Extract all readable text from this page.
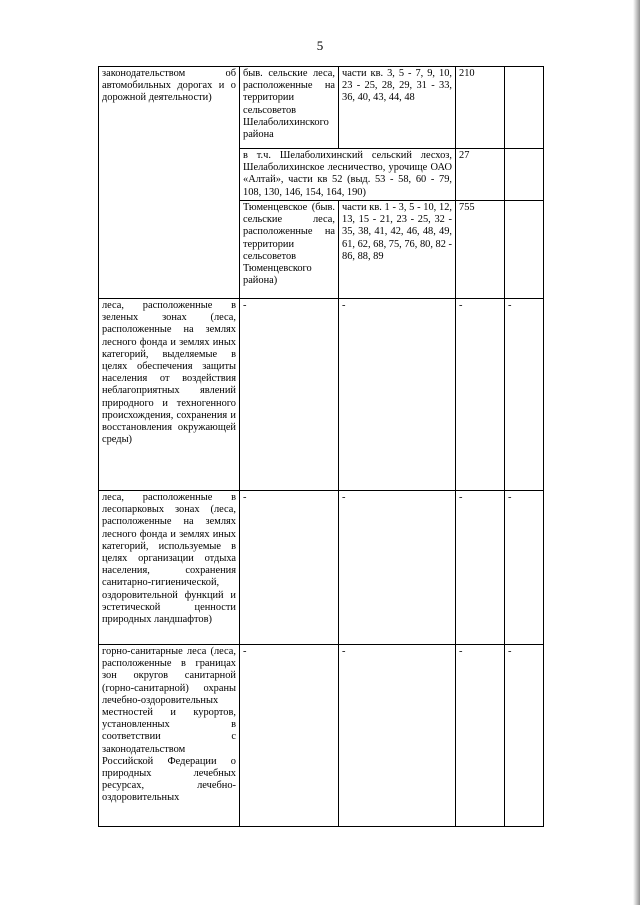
5
законодательством об автомобильных дорогах и о дорожной деятельности)	быв. сельские леса, расположенные на территории сельсоветов Шелаболихинского района	части кв. 3, 5 - 7, 9, 10, 23 - 25, 28, 29, 31 - 33, 36, 40, 43, 44, 48	210	
	в т.ч. Шелаболихинский сельский лесхоз, Шелаболихинское лесничество, урочище ОАО «Алтай», части кв 52 (выд. 53 - 58, 60 - 79, 108, 130, 146, 154, 164, 190)		27	
	Тюменцевское (быв. сельские леса, расположенные на территории сельсоветов Тюменцевского района)	части кв. 1 - 3, 5 - 10, 12, 13, 15 - 21, 23 - 25, 32 - 35, 38, 41, 42, 46, 48, 49, 61, 62, 68, 75, 76, 80, 82 - 86, 88, 89	755	
леса, расположенные в зеленых зонах (леса, расположенные на землях лесного фонда и землях иных категорий, выделяемые в целях обеспечения защиты населения от воздействия неблагоприятных явлений природного и техногенного происхождения, сохранения и восстановления окружающей среды)	-	-	-	-
леса, расположенные в лесопарковых зонах (леса, расположенные на землях лесного фонда и землях иных категорий, используемые в целях организации отдыха населения, сохранения санитарно-гигиенической, оздоровительной функций и эстетической ценности природных ландшафтов)	-	-	-	-
горно-санитарные леса (леса, расположенные в границах зон округов санитарной (горно-санитарной) охраны лечебно-оздоровительных местностей и курортов, установленных в соответствии с законодательством Российской Федерации о природных лечебных ресурсах, лечебно-оздоровительных	-	-	-	-
